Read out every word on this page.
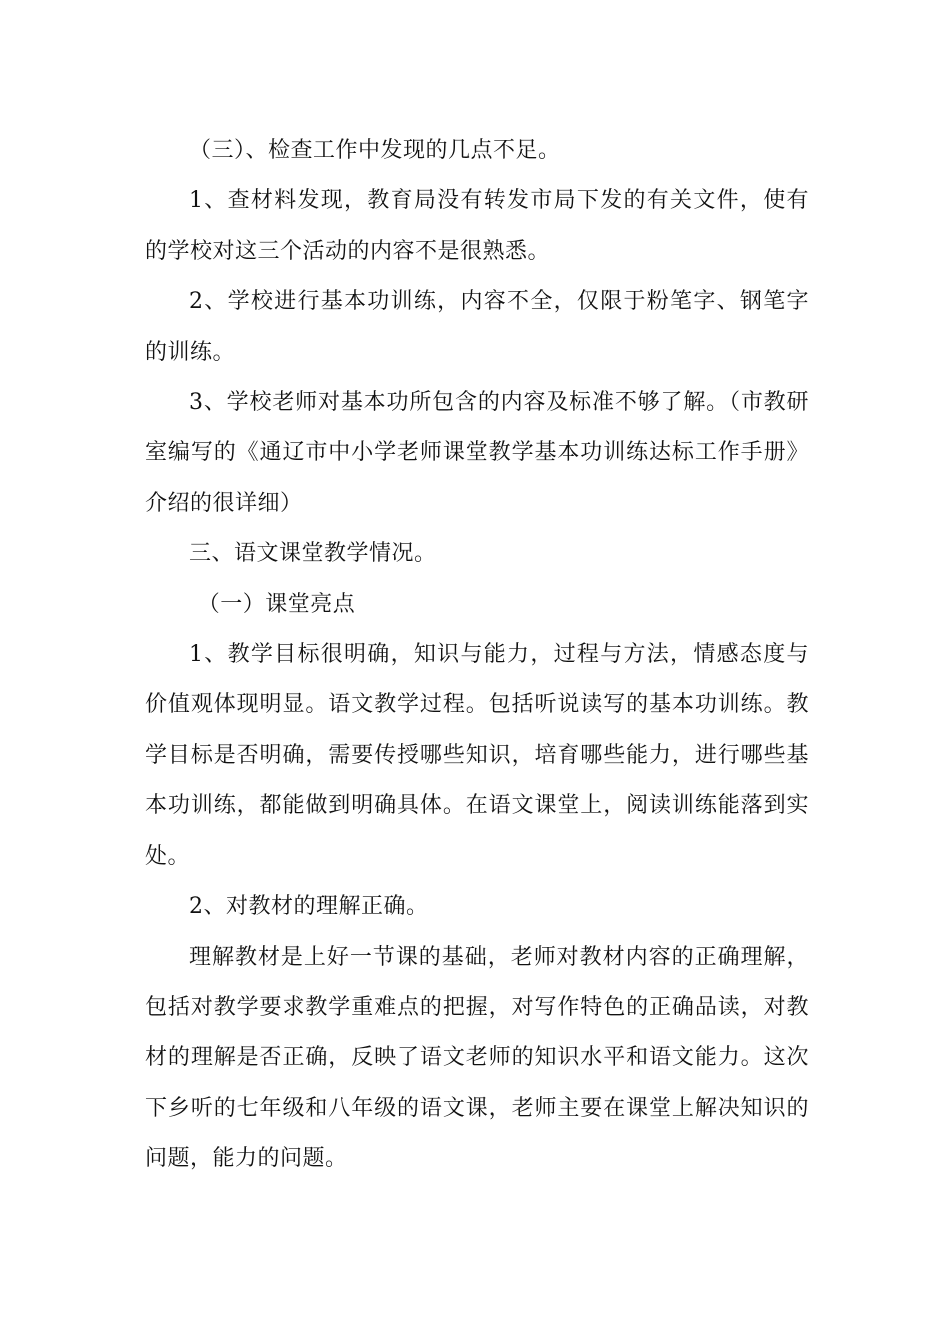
（三）、检查工作中发现的几点不足。

1、查材料发现，教育局没有转发市局下发的有关文件，使有的学校对这三个活动的内容不是很熟悉。

2、学校进行基本功训练，内容不全，仅限于粉笔字、钢笔字的训练。

3、学校老师对基本功所包含的内容及标准不够了解。（市教研室编写的《通辽市中小学老师课堂教学基本功训练达标工作手册》介绍的很详细）

三、语文课堂教学情况。

（一）课堂亮点

1、教学目标很明确，知识与能力，过程与方法，情感态度与价值观体现明显。语文教学过程。包括听说读写的基本功训练。教学目标是否明确，需要传授哪些知识，培育哪些能力，进行哪些基本功训练，都能做到明确具体。在语文课堂上，阅读训练能落到实处。

2、对教材的理解正确。

理解教材是上好一节课的基础，老师对教材内容的正确理解，包括对教学要求教学重难点的把握，对写作特色的正确品读，对教材的理解是否正确，反映了语文老师的知识水平和语文能力。这次下乡听的七年级和八年级的语文课，老师主要在课堂上解决知识的问题，能力的问题。
